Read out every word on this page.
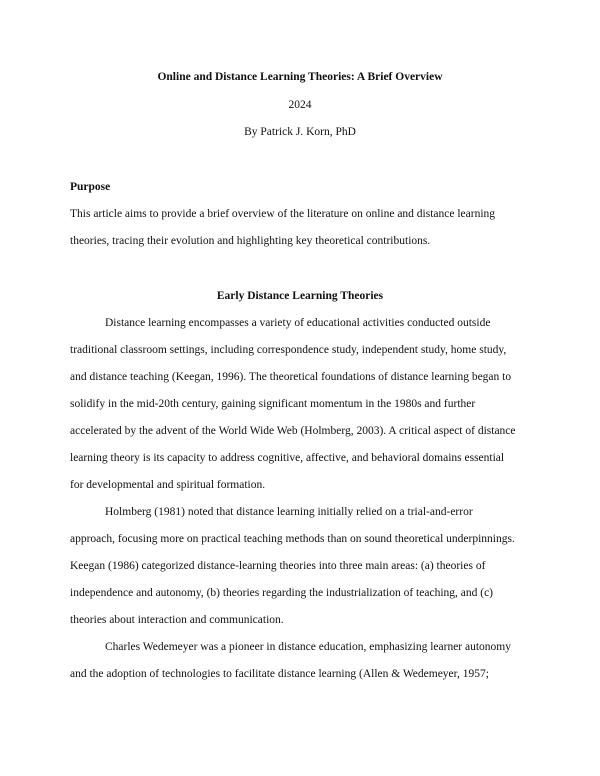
Online and Distance Learning Theories: A Brief Overview
2024
By Patrick J. Korn, PhD
Purpose
This article aims to provide a brief overview of the literature on online and distance learning
theories, tracing their evolution and highlighting key theoretical contributions.
Early Distance Learning Theories
Distance learning encompasses a variety of educational activities conducted outside
traditional classroom settings, including correspondence study, independent study, home study,
and distance teaching (Keegan, 1996). The theoretical foundations of distance learning began to
solidify in the mid-20th century, gaining significant momentum in the 1980s and further
accelerated by the advent of the World Wide Web (Holmberg, 2003). A critical aspect of distance
learning theory is its capacity to address cognitive, affective, and behavioral domains essential
for developmental and spiritual formation.
Holmberg (1981) noted that distance learning initially relied on a trial-and-error
approach, focusing more on practical teaching methods than on sound theoretical underpinnings.
Keegan (1986) categorized distance-learning theories into three main areas: (a) theories of
independence and autonomy, (b) theories regarding the industrialization of teaching, and (c)
theories about interaction and communication.
Charles Wedemeyer was a pioneer in distance education, emphasizing learner autonomy
and the adoption of technologies to facilitate distance learning (Allen & Wedemeyer, 1957;
